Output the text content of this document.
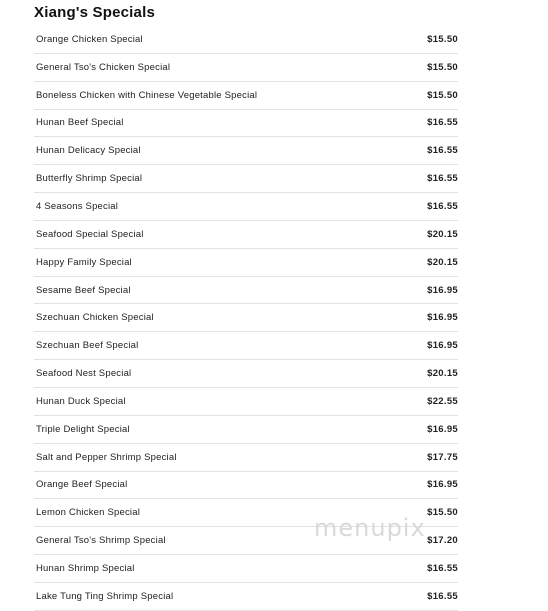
Xiang's Specials
Orange Chicken Special	$15.50
General Tso's Chicken Special	$15.50
Boneless Chicken with Chinese Vegetable Special	$15.50
Hunan Beef Special	$16.55
Hunan Delicacy Special	$16.55
Butterfly Shrimp Special	$16.55
4 Seasons Special	$16.55
Seafood Special Special	$20.15
Happy Family Special	$20.15
Sesame Beef Special	$16.95
Szechuan Chicken Special	$16.95
Szechuan Beef Special	$16.95
Seafood Nest Special	$20.15
Hunan Duck Special	$22.55
Triple Delight Special	$16.95
Salt and Pepper Shrimp Special	$17.75
Orange Beef Special	$16.95
Lemon Chicken Special	$15.50
General Tso's Shrimp Special	$17.20
Hunan Shrimp Special	$16.55
Lake Tung Ting Shrimp Special	$16.55
menupix
